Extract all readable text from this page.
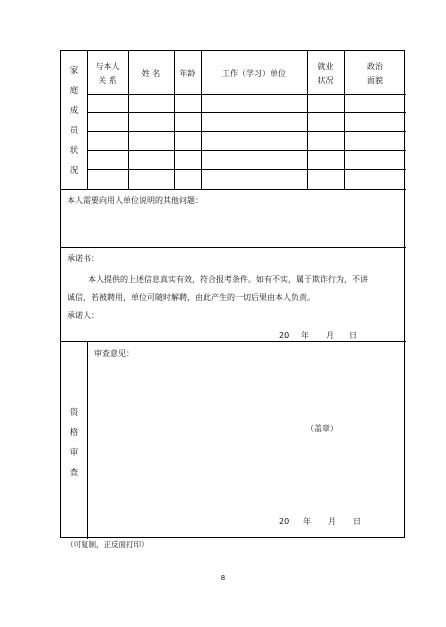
家庭成员状况
与本人
关 系
姓 名	年龄	工作（学习）单位
就业
状况
政治
面貌
本人需要向用人单位说明的其他问题：
承诺书：
本人提供的上述信息真实有效，符合报考条件。如有不实，属于欺诈行为，不讲
诚信，若被聘用，单位可随时解聘，由此产生的一切后果由本人负责。
承诺人：
20 年 月 日
资格审查
审查意见：
（盖章）
20 年 月 日
（可复制，正反面打印）
8
